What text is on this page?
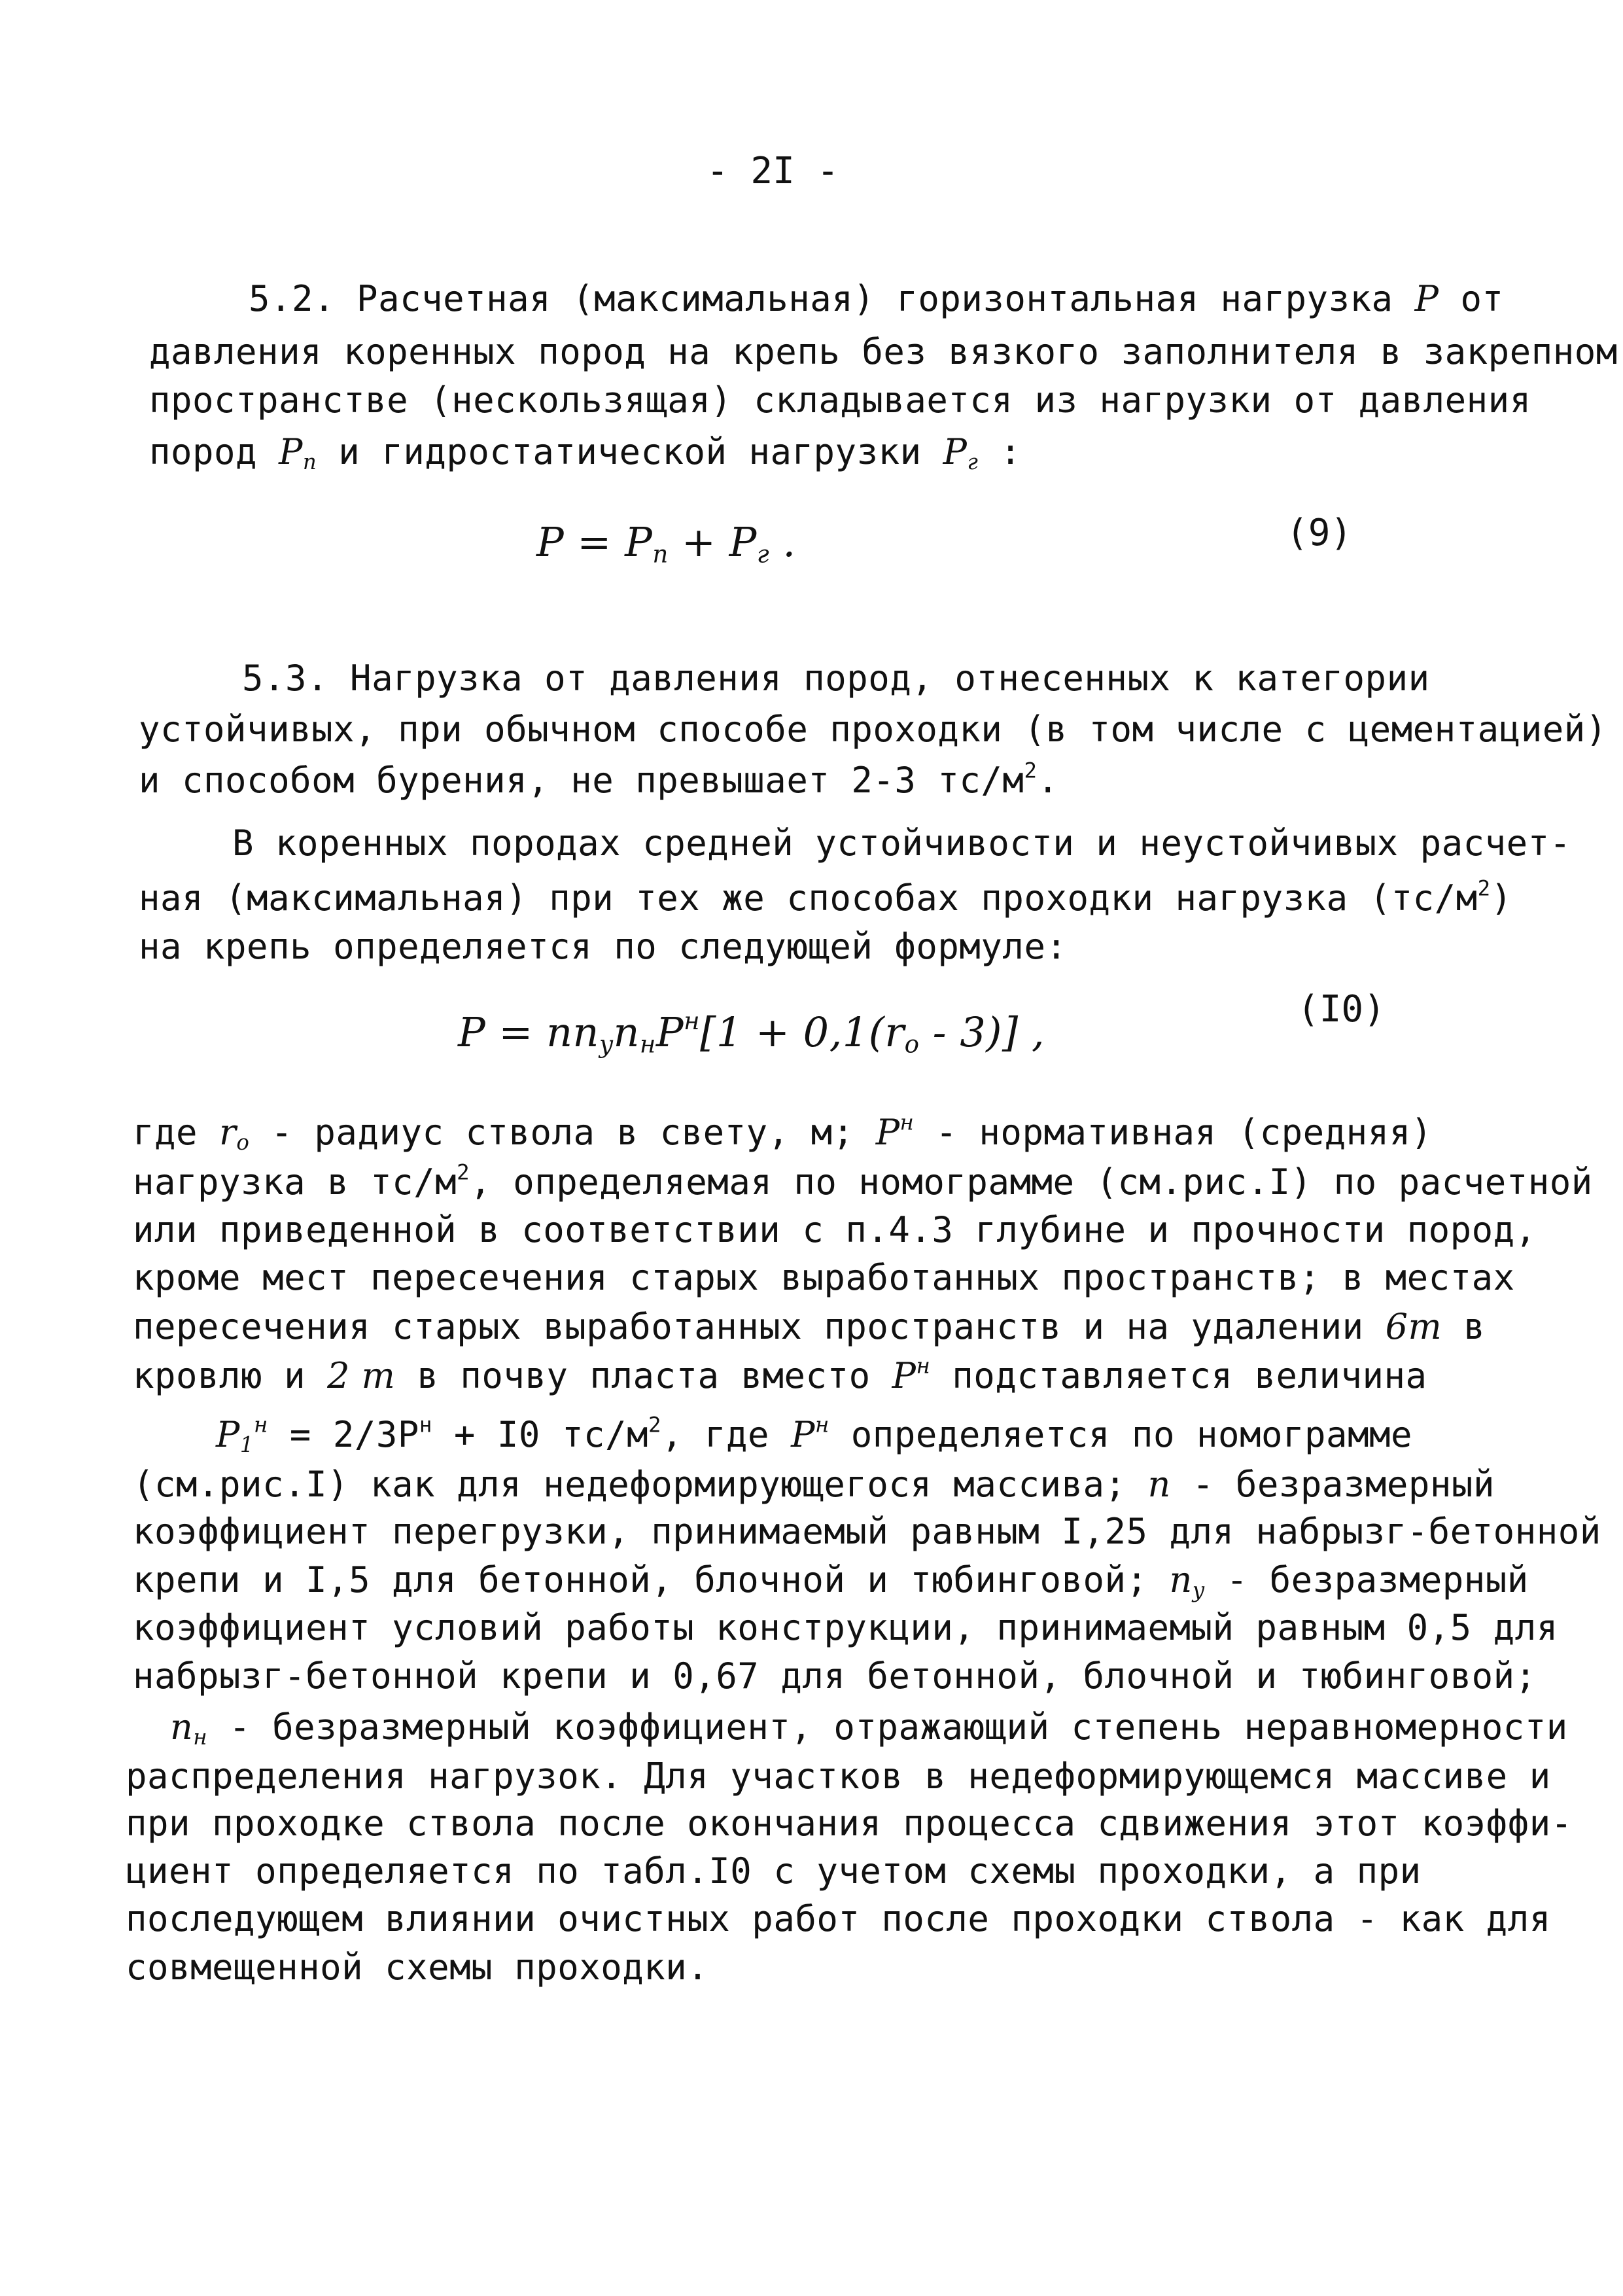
- 2I -
5.2. Расчетная (максимальная) горизонтальная нагрузка P от
давления коренных пород на крепь без вязкого заполнителя в закрепном
пространстве (нескользящая) складывается из нагрузки от давления
пород $P_п$ и гидростатической нагрузки $P_г$ :
$P = P_п + P_г$ .	(9)
5.3. Нагрузка от давления пород, отнесенных к категории
устойчивых, при обычном способе проходки (в том числе с цементацией)
и способом бурения, не превышает 2-3 $тс/м^2$.
В коренных породах средней устойчивости и неустойчивых расчет-
ная (максимальная) при тех же способах проходки нагрузка $(тс/м^2)$
на крепь определяется по следующей формуле:
$P = nn_yn_нP^н[1 + 0,1(r_o - 3)]$ ,	(I0)
где $r_o$ - радиус ствола в свету, м; $P^н$ - нормативная (средняя)
нагрузка в $тс/м^2$, определяемая по номограмме (см.рис.I) по расчетной
или приведенной в соответствии с п.4.3 глубине и прочности пород,
кроме мест пересечения старых выработанных пространств; в местах
пересечения старых выработанных пространств и на удалении 6m в
кровлю и 2 m в почву пласта вместо $P^н$ подставляется величина
$P_1^н = 2/3P^н + I0$ $тс/м^2$, где $P^н$ определяется по номограмме
(см.рис.I) как для недеформирующегося массива; n - безразмерный
коэффициент перегрузки, принимаемый равным I,25 для набрызг-бетонной
крепи и I,5 для бетонной, блочной и тюбинговой; $n_y$ - безразмерный
коэффициент условий работы конструкции, принимаемый равным 0,5 для
набрызг-бетонной крепи и 0,67 для бетонной, блочной и тюбинговой;
$n_н$ - безразмерный коэффициент, отражающий степень неравномерности
распределения нагрузок. Для участков в недеформирующемся массиве и
при проходке ствола после окончания процесса сдвижения этот коэффи-
циент определяется по табл.I0 с учетом схемы проходки, а при
последующем влиянии очистных работ после проходки ствола - как для
совмещенной схемы проходки.
